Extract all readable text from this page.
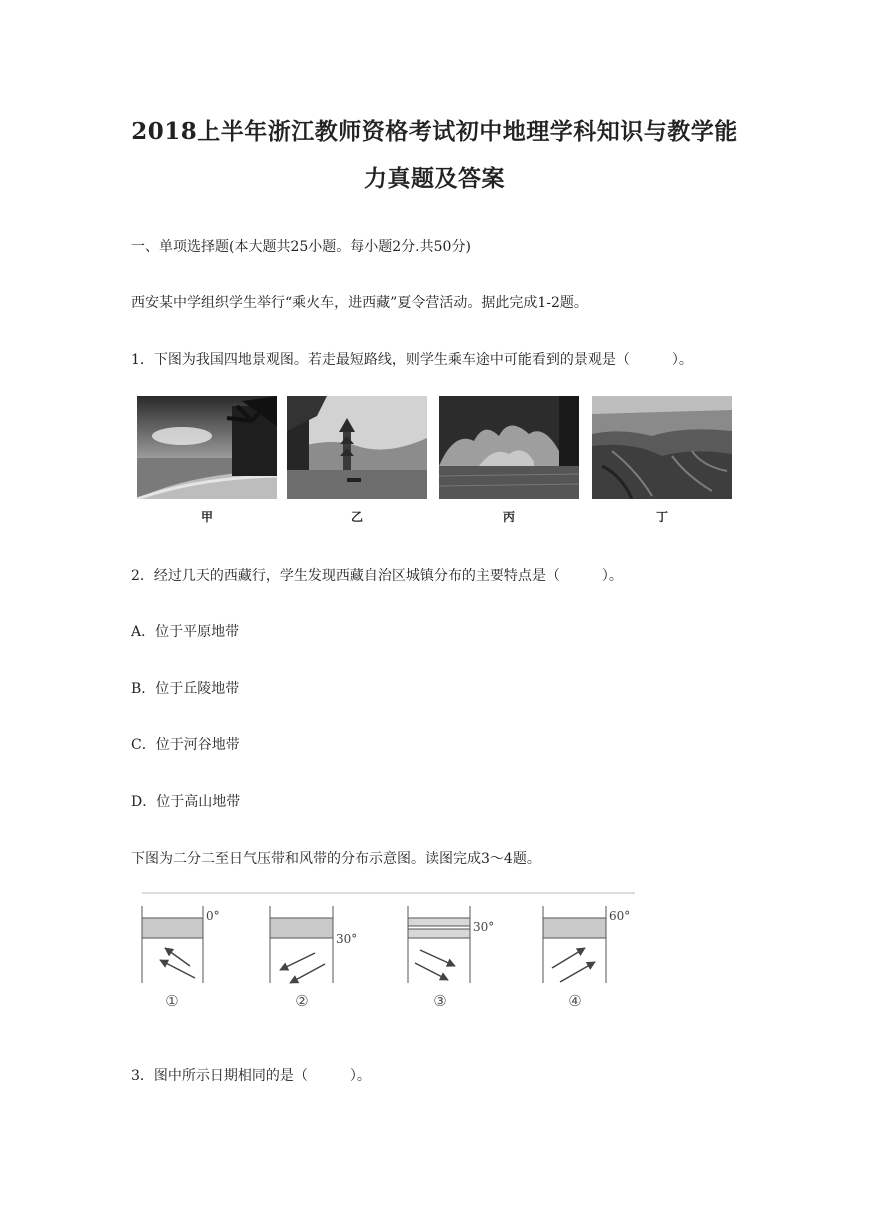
2018上半年浙江教师资格考试初中地理学科知识与教学能
力真题及答案
一、单项选择题(本大题共25小题。每小题2分.共50分)
西安某中学组织学生举行“乘火车，进西藏”夏令营活动。据此完成1-2题。
1．下图为我国四地景观图。若走最短路线，则学生乘车途中可能看到的景观是（　　　）。
甲	乙	丙	丁
2．经过几天的西藏行，学生发现西藏自治区城镇分布的主要特点是（　　　）。
A．位于平原地带
B．位于丘陵地带
C．位于河谷地带
D．位于高山地带
下图为二分二至日气压带和风带的分布示意图。读图完成3～4题。
0°
①
30°
②
30°
③
60°
④
3．图中所示日期相同的是（　　　）。
